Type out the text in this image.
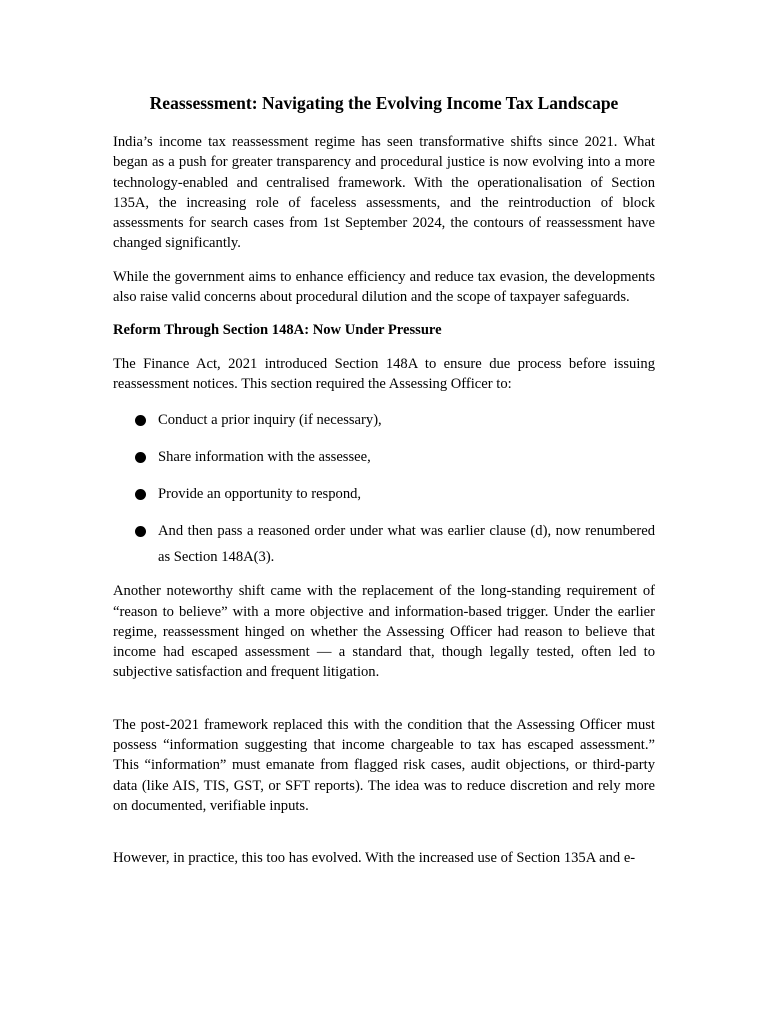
Reassessment: Navigating the Evolving Income Tax Landscape

India’s income tax reassessment regime has seen transformative shifts since 2021. What began as a push for greater transparency and procedural justice is now evolving into a more technology-enabled and centralised framework. With the operationalisation of Section 135A, the increasing role of faceless assessments, and the reintroduction of block assessments for search cases from 1st September 2024, the contours of reassessment have changed significantly.

While the government aims to enhance efficiency and reduce tax evasion, the developments also raise valid concerns about procedural dilution and the scope of taxpayer safeguards.

Reform Through Section 148A: Now Under Pressure

The Finance Act, 2021 introduced Section 148A to ensure due process before issuing reassessment notices. This section required the Assessing Officer to:

Conduct a prior inquiry (if necessary),
Share information with the assessee,
Provide an opportunity to respond,
And then pass a reasoned order under what was earlier clause (d), now renumbered as Section 148A(3).

Another noteworthy shift came with the replacement of the long-standing requirement of “reason to believe” with a more objective and information-based trigger. Under the earlier regime, reassessment hinged on whether the Assessing Officer had reason to believe that income had escaped assessment — a standard that, though legally tested, often led to subjective satisfaction and frequent litigation.

The post-2021 framework replaced this with the condition that the Assessing Officer must possess “information suggesting that income chargeable to tax has escaped assessment.” This “information” must emanate from flagged risk cases, audit objections, or third-party data (like AIS, TIS, GST, or SFT reports). The idea was to reduce discretion and rely more on documented, verifiable inputs.

However, in practice, this too has evolved. With the increased use of Section 135A and e-
